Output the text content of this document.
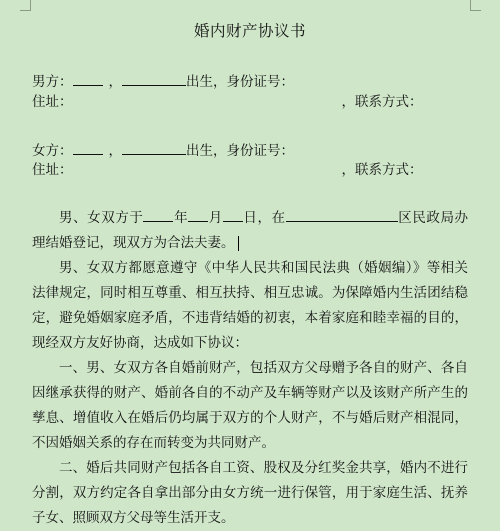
婚内财产协议书
男方：	，	出生，身份证号：
住址：	，联系方式：
女方：	，	出生，身份证号：
住址：	，联系方式：

男、女双方于 年 月 日，在	区民政局办理结婚登记，现双方为合法夫妻。

男、女双方都愿意遵守《中华人民共和国民法典（婚姻编）》等相关法律规定，同时相互尊重、相互扶持、相互忠诚。为保障婚内生活团结稳定，避免婚姻家庭矛盾，不违背结婚的初衷，本着家庭和睦幸福的目的，现经双方友好协商，达成如下协议：

一、男、女双方各自婚前财产，包括双方父母赠予各自的财产、各自因继承获得的财产、婚前各自的不动产及车辆等财产以及该财产所产生的孳息、增值收入在婚后仍均属于双方的个人财产，不与婚后财产相混同，不因婚姻关系的存在而转变为共同财产。

二、婚后共同财产包括各自工资、股权及分红奖金共享，婚内不进行分割，双方约定各自拿出部分由女方统一进行保管，用于家庭生活、抚养子女、照顾双方父母等生活开支。
